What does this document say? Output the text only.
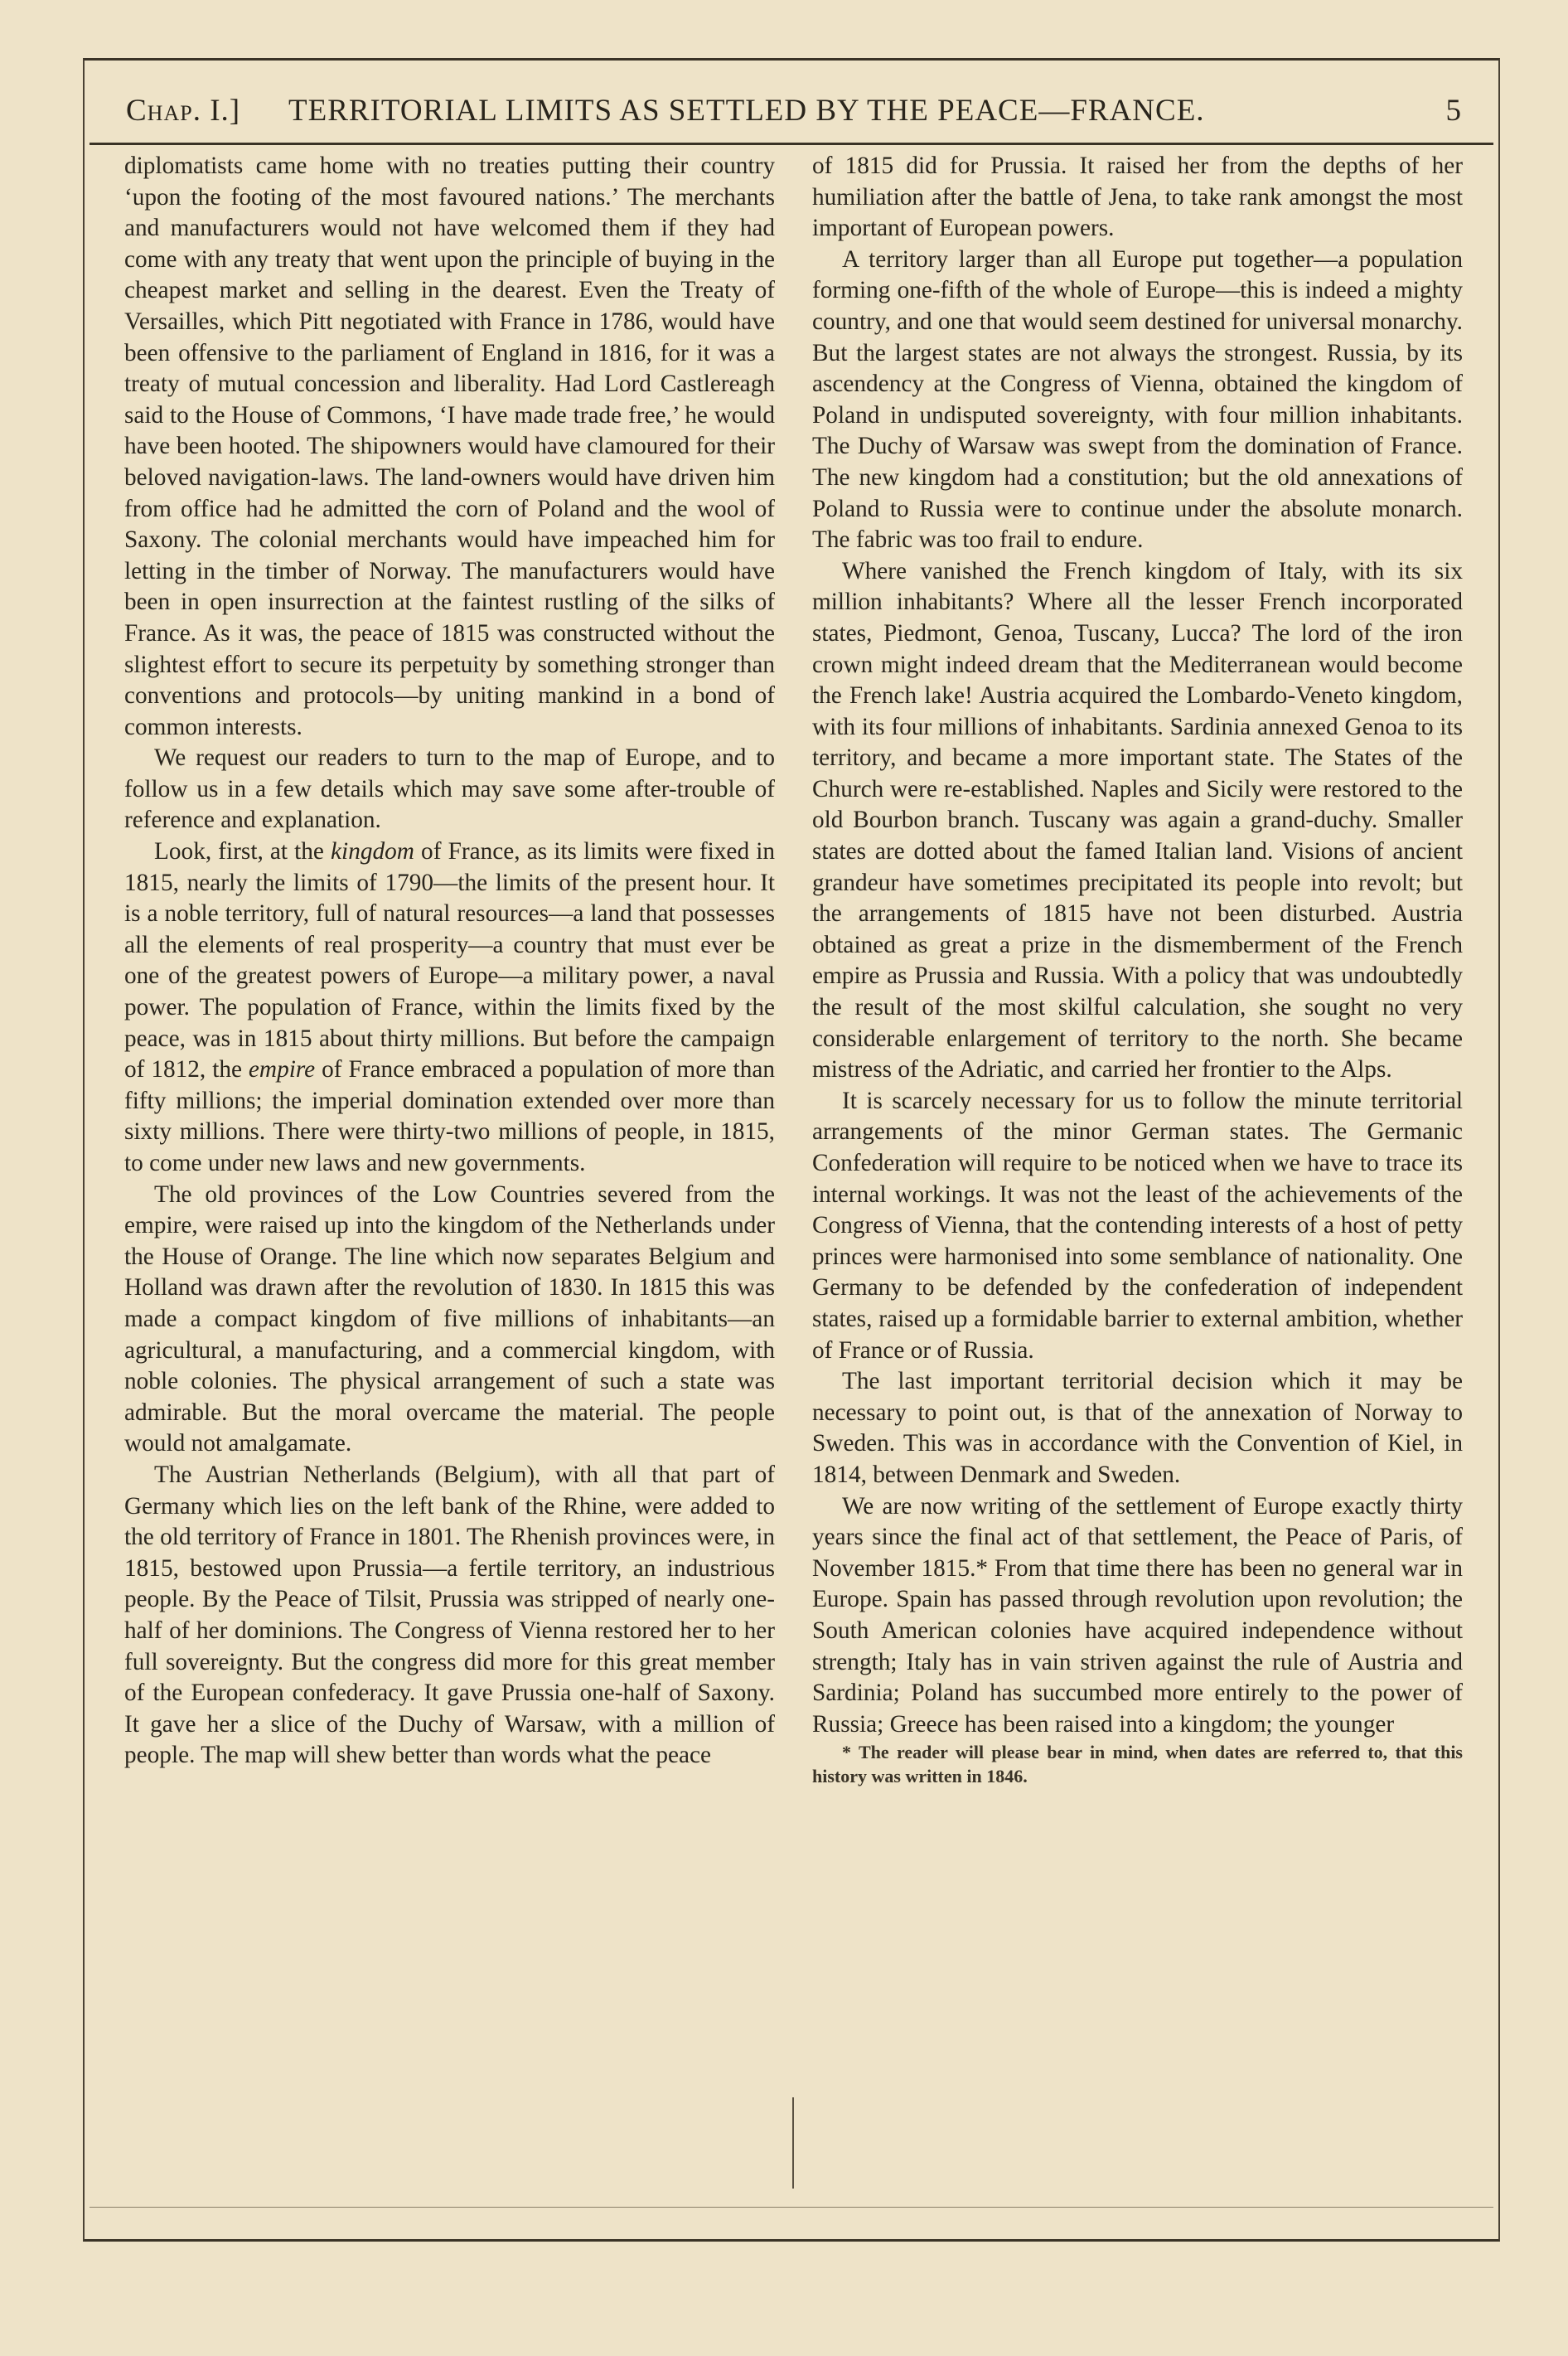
Chap. I.] TERRITORIAL LIMITS AS SETTLED BY THE PEACE—FRANCE.	5

diplomatists came home with no treaties putting their country ‘upon the footing of the most favoured nations.’ The merchants and manufacturers would not have welcomed them if they had come with any treaty that went upon the principle of buying in the cheapest market and selling in the dearest. Even the Treaty of Versailles, which Pitt negotiated with France in 1786, would have been offensive to the parliament of England in 1816, for it was a treaty of mutual concession and liberality. Had Lord Castlereagh said to the House of Commons, ‘I have made trade free,’ he would have been hooted. The shipowners would have clamoured for their beloved navigation-laws. The land-owners would have driven him from office had he admitted the corn of Poland and the wool of Saxony. The colonial merchants would have impeached him for letting in the timber of Norway. The manufacturers would have been in open insurrection at the faintest rustling of the silks of France. As it was, the peace of 1815 was constructed without the slightest effort to secure its perpetuity by something stronger than conventions and protocols—by uniting mankind in a bond of common interests.

We request our readers to turn to the map of Europe, and to follow us in a few details which may save some after-trouble of reference and explanation.

Look, first, at the kingdom of France, as its limits were fixed in 1815, nearly the limits of 1790—the limits of the present hour. It is a noble territory, full of natural resources—a land that possesses all the elements of real prosperity—a country that must ever be one of the greatest powers of Europe—a military power, a naval power. The population of France, within the limits fixed by the peace, was in 1815 about thirty millions. But before the campaign of 1812, the empire of France embraced a population of more than fifty millions; the imperial domination extended over more than sixty millions. There were thirty-two millions of people, in 1815, to come under new laws and new governments.

The old provinces of the Low Countries severed from the empire, were raised up into the kingdom of the Netherlands under the House of Orange. The line which now separates Belgium and Holland was drawn after the revolution of 1830. In 1815 this was made a compact kingdom of five millions of inhabitants—an agricultural, a manufacturing, and a commercial kingdom, with noble colonies. The physical arrangement of such a state was admirable. But the moral overcame the material. The people would not amalgamate.

The Austrian Netherlands (Belgium), with all that part of Germany which lies on the left bank of the Rhine, were added to the old territory of France in 1801. The Rhenish provinces were, in 1815, bestowed upon Prussia—a fertile territory, an industrious people. By the Peace of Tilsit, Prussia was stripped of nearly one-half of her dominions. The Congress of Vienna restored her to her full sovereignty. But the congress did more for this great member of the European confederacy. It gave Prussia one-half of Saxony. It gave her a slice of the Duchy of Warsaw, with a million of people. The map will shew better than words what the peace

of 1815 did for Prussia. It raised her from the depths of her humiliation after the battle of Jena, to take rank amongst the most important of European powers.

A territory larger than all Europe put together—a population forming one-fifth of the whole of Europe—this is indeed a mighty country, and one that would seem destined for universal monarchy. But the largest states are not always the strongest. Russia, by its ascendency at the Congress of Vienna, obtained the kingdom of Poland in undisputed sovereignty, with four million inhabitants. The Duchy of Warsaw was swept from the domination of France. The new kingdom had a constitution; but the old annexations of Poland to Russia were to continue under the absolute monarch. The fabric was too frail to endure.

Where vanished the French kingdom of Italy, with its six million inhabitants? Where all the lesser French incorporated states, Piedmont, Genoa, Tuscany, Lucca? The lord of the iron crown might indeed dream that the Mediterranean would become the French lake! Austria acquired the Lombardo-Veneto kingdom, with its four millions of inhabitants. Sardinia annexed Genoa to its territory, and became a more important state. The States of the Church were re-established. Naples and Sicily were restored to the old Bourbon branch. Tuscany was again a grand-duchy. Smaller states are dotted about the famed Italian land. Visions of ancient grandeur have sometimes precipitated its people into revolt; but the arrangements of 1815 have not been disturbed. Austria obtained as great a prize in the dismemberment of the French empire as Prussia and Russia. With a policy that was undoubtedly the result of the most skilful calculation, she sought no very considerable enlargement of territory to the north. She became mistress of the Adriatic, and carried her frontier to the Alps.

It is scarcely necessary for us to follow the minute territorial arrangements of the minor German states. The Germanic Confederation will require to be noticed when we have to trace its internal workings. It was not the least of the achievements of the Congress of Vienna, that the contending interests of a host of petty princes were harmonised into some semblance of nationality. One Germany to be defended by the confederation of independent states, raised up a formidable barrier to external ambition, whether of France or of Russia.

The last important territorial decision which it may be necessary to point out, is that of the annexation of Norway to Sweden. This was in accordance with the Convention of Kiel, in 1814, between Denmark and Sweden.

We are now writing of the settlement of Europe exactly thirty years since the final act of that settlement, the Peace of Paris, of November 1815.* From that time there has been no general war in Europe. Spain has passed through revolution upon revolution; the South American colonies have acquired independence without strength; Italy has in vain striven against the rule of Austria and Sardinia; Poland has succumbed more entirely to the power of Russia; Greece has been raised into a kingdom; the younger

* The reader will please bear in mind, when dates are referred to, that this history was written in 1846.
